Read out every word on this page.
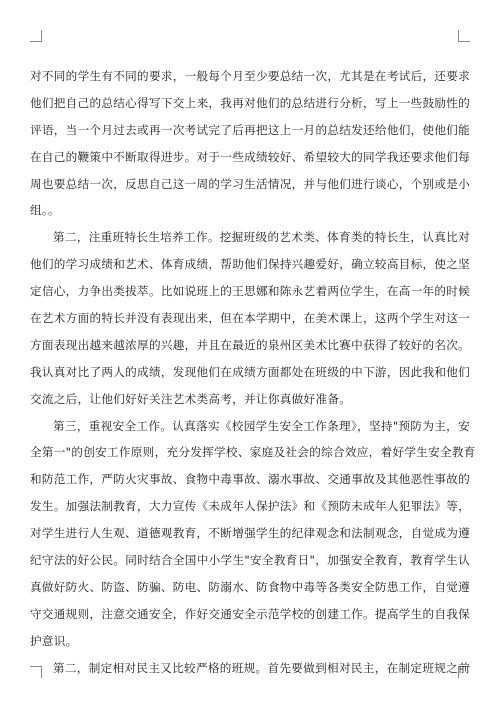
对不同的学生有不同的要求，一般每个月至少要总结一次，尤其是在考试后，还要求
他们把自己的总结心得写下交上来，我再对他们的总结进行分析，写上一些鼓励性的
评语，当一个月过去或再一次考试完了后再把这上一月的总结发还给他们，使他们能
在自己的鞭策中不断取得进步。对于一些成绩较好、希望较大的同学我还要求他们每
周也要总结一次，反思自己这一周的学习生活情况，并与他们进行谈心，个别或是小
组。。
第二，注重班特长生培养工作。挖掘班级的艺术类、体育类的特长生，认真比对
他们的学习成绩和艺术、体育成绩，帮助他们保持兴趣爱好，确立较高目标，使之坚
定信心，力争出类拔萃。比如说班上的王思娜和陈永艺着两位学生，在高一年的时候
在艺术方面的特长并没有表现出来，但在本学期中，在美术课上，这两个学生对这一
方面表现出越来越浓厚的兴趣，并且在最近的泉州区美术比赛中获得了较好的名次。
我认真对比了两人的成绩，发现他们在成绩方面都处在班级的中下游，因此我和他们
交流之后，让他们好好关注艺术类高考，并让你真做好准备。
第三，重视安全工作。认真落实《校园学生安全工作条理》，坚持"预防为主，安
全第一"的创安工作原则，充分发挥学校、家庭及社会的综合效应，着好学生安全教育
和防范工作，严防火灾事故、食物中毒事故、溺水事故、交通事故及其他恶性事故的
发生。加强法制教育，大力宣传《未成年人保护法》和《预防未成年人犯罪法》等，
对学生进行人生观、道德观教育，不断增强学生的纪律观念和法制观念，自觉成为遵
纪守法的好公民。同时结合全国中小学生"安全教育日"，加强安全教育，教育学生认
真做好防火、防盗、防骗、防电、防溺水、防食物中毒等各类安全防患工作，自觉遵
守交通规则，注意交通安全，作好交通安全示范学校的创建工作。提高学生的自我保
护意识。
第二，制定相对民主又比较严格的班规。首先要做到相对民主，在制定班规之前
